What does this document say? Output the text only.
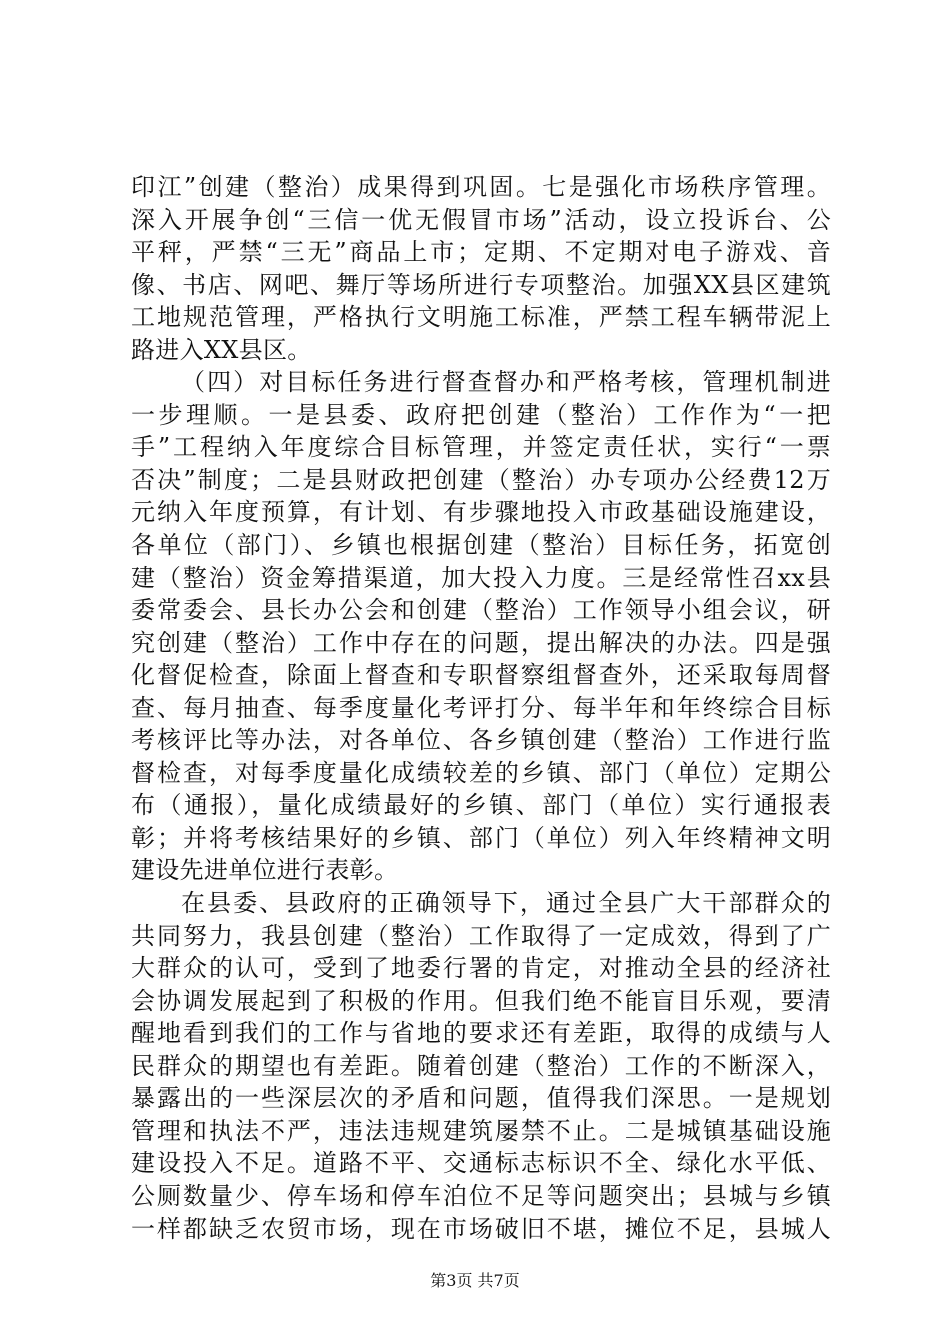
印江”创建（整治）成果得到巩固。七是强化市场秩序管理。
深入开展争创“三信一优无假冒市场”活动，设立投诉台、公
平秤，严禁“三无”商品上市；定期、不定期对电子游戏、音
像、书店、网吧、舞厅等场所进行专项整治。加强XX县区建筑
工地规范管理，严格执行文明施工标准，严禁工程车辆带泥上
路进入XX县区。
（四）对目标任务进行督查督办和严格考核，管理机制进
一步理顺。一是县委、政府把创建（整治）工作作为“一把
手”工程纳入年度综合目标管理，并签定责任状，实行“一票
否决”制度；二是县财政把创建（整治）办专项办公经费12万
元纳入年度预算，有计划、有步骤地投入市政基础设施建设，
各单位（部门）、乡镇也根据创建（整治）目标任务，拓宽创
建（整治）资金筹措渠道，加大投入力度。三是经常性召xx县
委常委会、县长办公会和创建（整治）工作领导小组会议，研
究创建（整治）工作中存在的问题，提出解决的办法。四是强
化督促检查，除面上督查和专职督察组督查外，还采取每周督
查、每月抽查、每季度量化考评打分、每半年和年终综合目标
考核评比等办法，对各单位、各乡镇创建（整治）工作进行监
督检查，对每季度量化成绩较差的乡镇、部门（单位）定期公
布（通报），量化成绩最好的乡镇、部门（单位）实行通报表
彰；并将考核结果好的乡镇、部门（单位）列入年终精神文明
建设先进单位进行表彰。
在县委、县政府的正确领导下，通过全县广大干部群众的
共同努力，我县创建（整治）工作取得了一定成效，得到了广
大群众的认可，受到了地委行署的肯定，对推动全县的经济社
会协调发展起到了积极的作用。但我们绝不能盲目乐观，要清
醒地看到我们的工作与省地的要求还有差距，取得的成绩与人
民群众的期望也有差距。随着创建（整治）工作的不断深入，
暴露出的一些深层次的矛盾和问题，值得我们深思。一是规划
管理和执法不严，违法违规建筑屡禁不止。二是城镇基础设施
建设投入不足。道路不平、交通标志标识不全、绿化水平低、
公厕数量少、停车场和停车泊位不足等问题突出；县城与乡镇
一样都缺乏农贸市场，现在市场破旧不堪，摊位不足，县城人
第3页 共7页
